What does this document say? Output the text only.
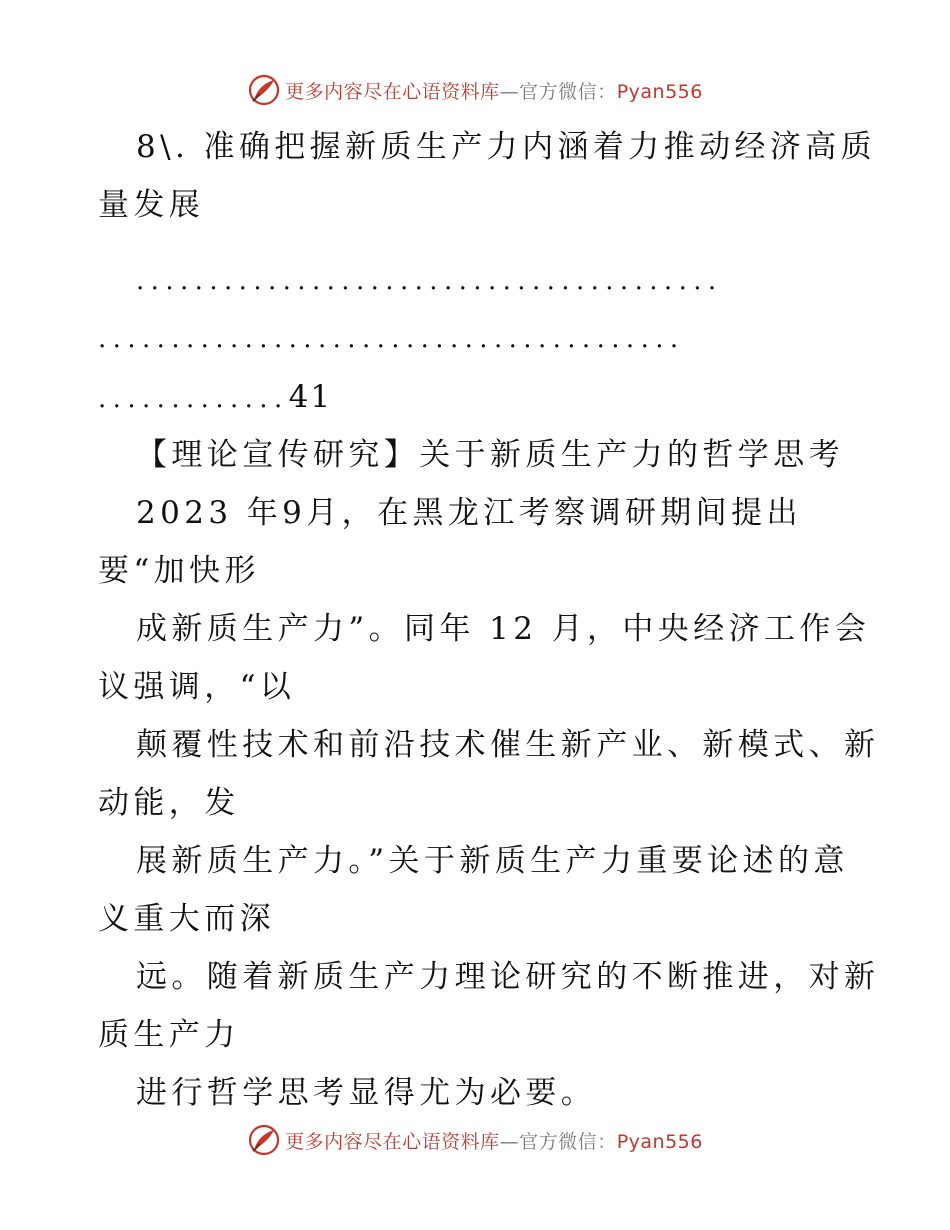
更多内容尽在心语资料库—官方微信：Pyan556
8\. 准确把握新质生产力内涵着力推动经济高质
量发展
........................................
........................................
.............41
【理论宣传研究】关于新质生产力的哲学思考
2023 年9月，在黑龙江考察调研期间提出
要“加快形
成新质生产力”。同年 12 月，中央经济工作会
议强调，“以
颠覆性技术和前沿技术催生新产业、新模式、新
动能，发
展新质生产力。”关于新质生产力重要论述的意
义重大而深
远。随着新质生产力理论研究的不断推进，对新
质生产力
进行哲学思考显得尤为必要。
更多内容尽在心语资料库—官方微信：Pyan556
